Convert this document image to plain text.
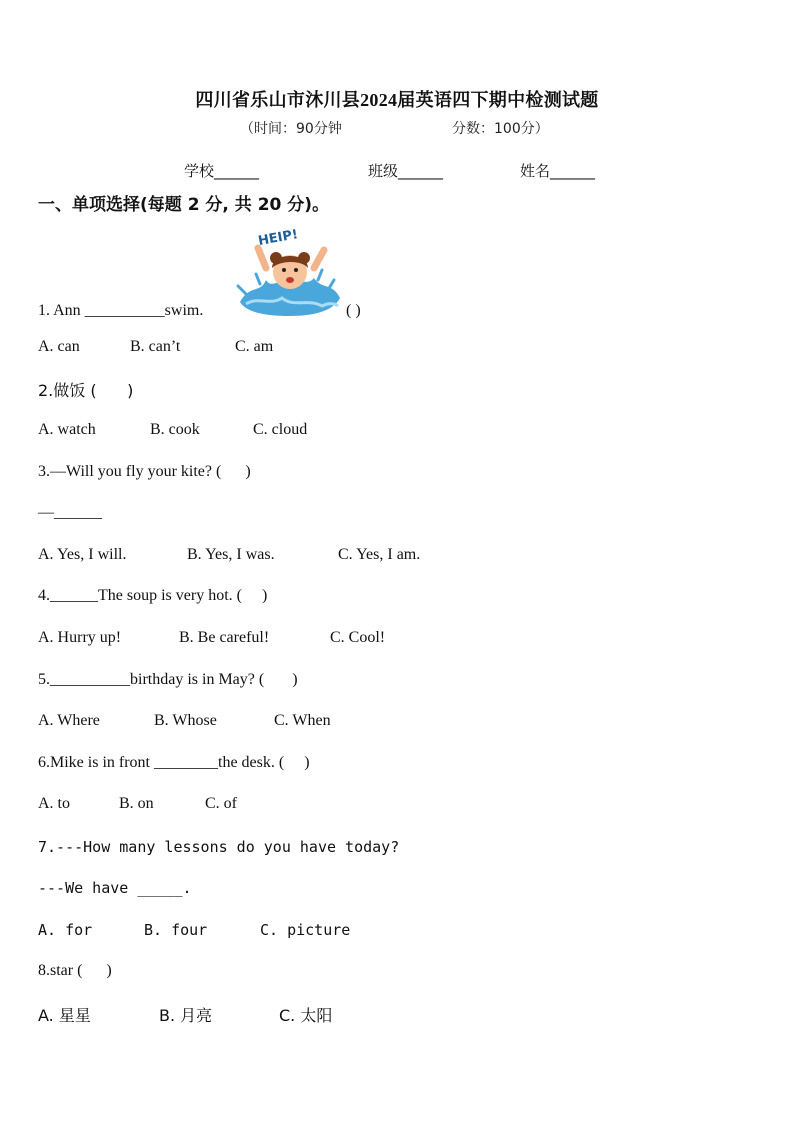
四川省乐山市沐川县2024届英语四下期中检测试题
（时间：90分钟	分数：100分）
学校______	班级______	姓名______
一、单项选择(每题 2 分, 共 20 分)。
HEIP!
1. Ann __________swim.	( )
A. can	B. can’t	C. am
2.做饭 (      )
A. watch	B. cook	C. cloud
3.—Will you fly your kite? (      )
—______
A. Yes, I will.	B. Yes, I was.	C. Yes, I am.
4.______The soup is very hot. (     )
A. Hurry up!	B. Be careful!	C. Cool!
5.__________birthday is in May? (       )
A. Where	B. Whose	C. When
6.Mike is in front ________the desk. (     )
A. to	B. on	C. of
7.---How many lessons do you have today?
---We have _____.
A. for	B. four	C. picture
8.star (      )
A. 星星	B. 月亮	C. 太阳
